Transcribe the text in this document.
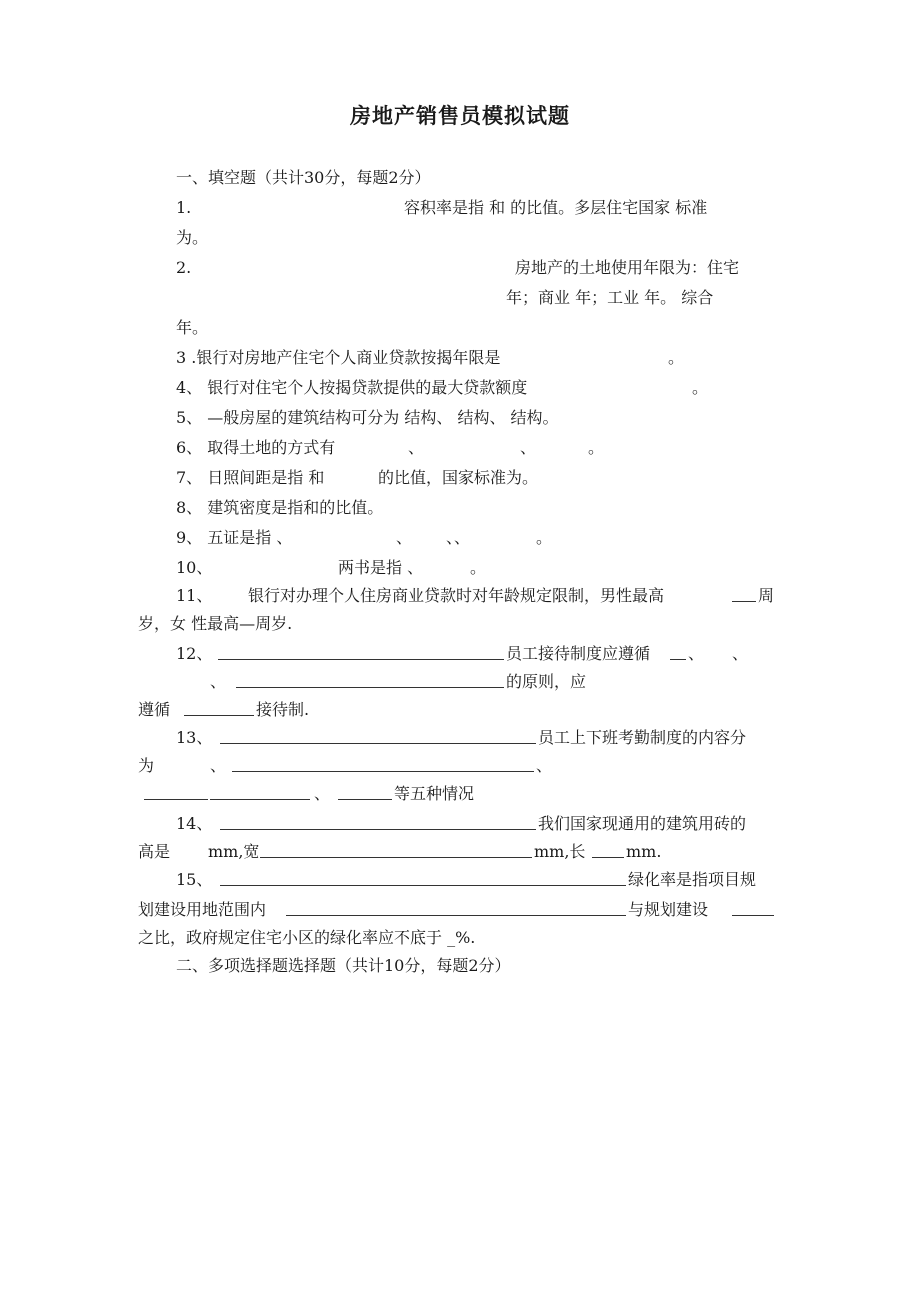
房地产销售员模拟试题
一、填空题（共计30分，每题2分）
1.	容积率是指 和 的比值。多层住宅国家 标准
为。
2.	房地产的土地使用年限为：住宅
年；商业 年；工业 年。 综合
年。
3 .银行对房地产住宅个人商业贷款按揭年限是	。
4、 银行对住宅个人按揭贷款提供的最大贷款额度	。
5、 —般房屋的建筑结构可分为 结构、 结构、 结构。
6、 取得土地的方式有	、	、	。
7、 日照间距是指 和	的比值，国家标准为。
8、 建筑密度是指和的比值。
9、 五证是指 、	、 、、	。
10、	两书是指 、	。
11、 银行对办理个人住房商业贷款时对年龄规定限制，男性最高	周
岁，女 性最高—周岁.
12、	员工接待制度应遵循 、 、
、	的原则，应
遵循	接待制.
13、	员工上下班考勤制度的内容分
为	、	、
、	等五种情况
14、	我们国家现通用的建筑用砖的
高是 mm,宽	mm,长	mm.
15、	绿化率是指项目规
划建设用地范围内	与规划建设
之比，政府规定住宅小区的绿化率应不底于 _%.
二、多项选择题选择题（共计10分，每题2分）
